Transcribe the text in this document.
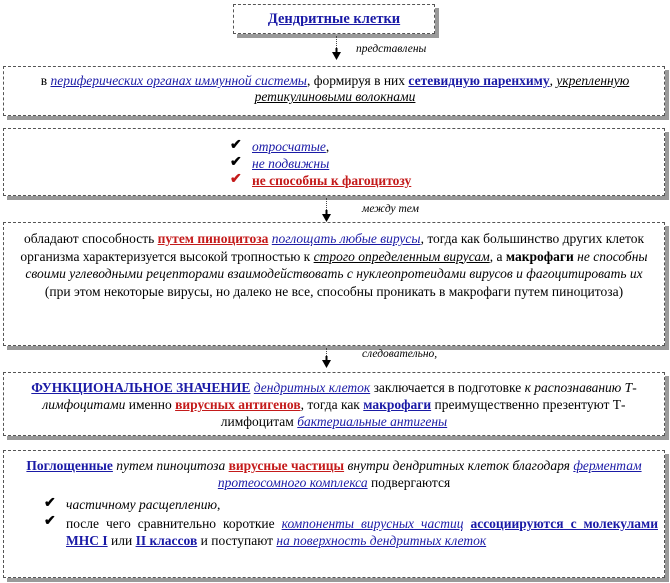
Дендритные клетки
представлены
в периферических органах иммунной системы, формируя в них сетевидную паренхиму, укрепленную ретикулиновыми волокнами
✔ отросчатые,
✔ не подвижны
✔ не способны к фагоцитозу
между тем
обладают способность путем пиноцитоза поглощать любые вирусы, тогда как большинство других клеток организма характеризуется высокой тропностью к строго определенным вирусам, а макрофаги не способны своими углеводными рецепторами взаимодействовать с нуклеопротеидами вирусов и фагоцитировать их (при этом некоторые вирусы, но далеко не все, способны проникать в макрофаги путем пиноцитоза)
следовательно,
ФУНКЦИОНАЛЬНОЕ ЗНАЧЕНИЕ дендритных клеток заключается в подготовке к распознаванию Т-лимфоцитами именно вирусных антигенов, тогда как макрофаги преимущественно презентуют Т-лимфоцитам бактериальные антигены
Поглощенные путем пиноцитоза вирусные частицы внутри дендритных клеток благодаря ферментам протеосомного комплекса подвергаются
✔ частичному расщеплению,
✔ после чего сравнительно короткие компоненты вирусных частиц ассоциируются с молекулами МНС I или II классов и поступают на поверхность дендритных клеток
